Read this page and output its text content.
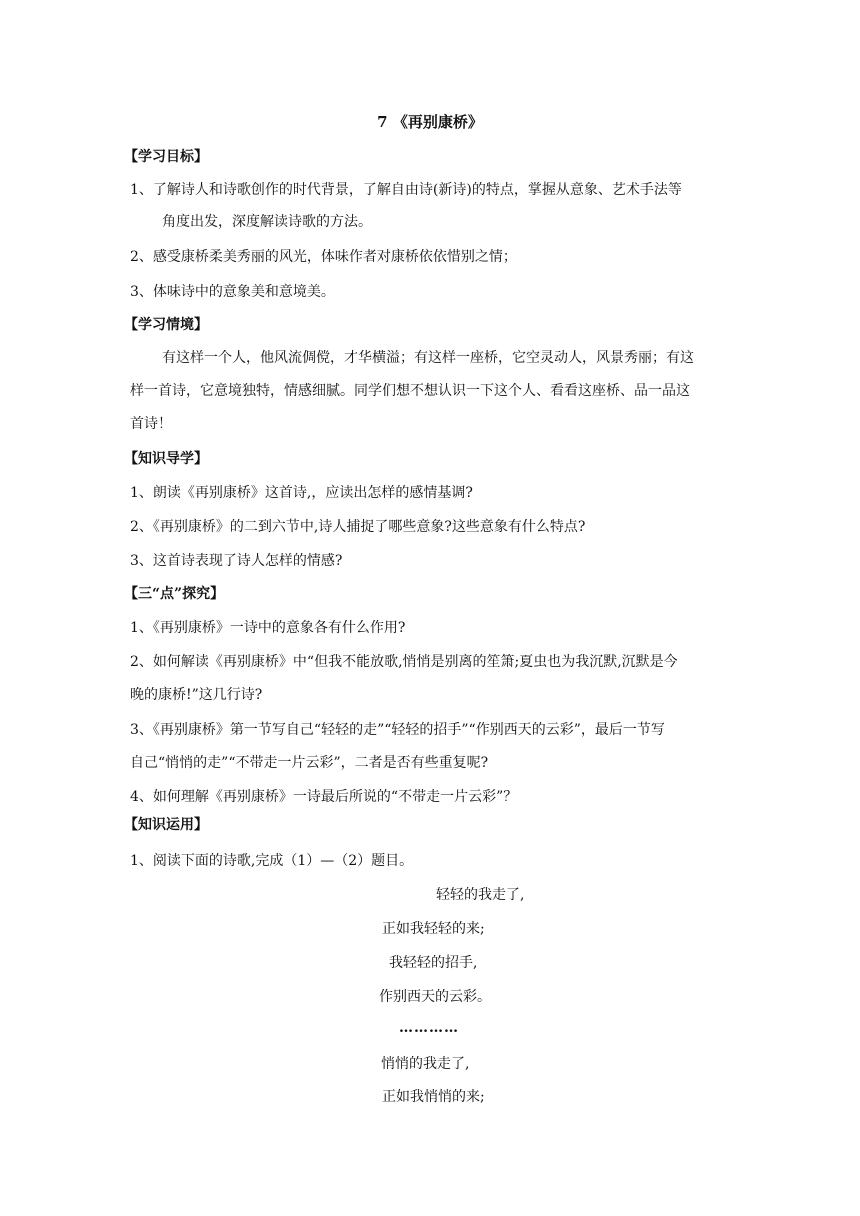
7 《再别康桥》
【学习目标】
1、了解诗人和诗歌创作的时代背景，了解自由诗(新诗)的特点，掌握从意象、艺术手法等
角度出发，深度解读诗歌的方法。
2、感受康桥柔美秀丽的风光，体味作者对康桥依依惜别之情；
3、体味诗中的意象美和意境美。
【学习情境】
有这样一个人，他风流倜傥，才华横溢；有这样一座桥，它空灵动人，风景秀丽；有这
样一首诗，它意境独特，情感细腻。同学们想不想认识一下这个人、看看这座桥、品一品这
首诗！
【知识导学】
1、朗读《再别康桥》这首诗,，应读出怎样的感情基调?
2、《再别康桥》的二到六节中,诗人捕捉了哪些意象?这些意象有什么特点?
3、这首诗表现了诗人怎样的情感?
【三“点”探究】
1、《再别康桥》一诗中的意象各有什么作用?
2、如何解读《再别康桥》中“但我不能放歌,悄悄是别离的笙箫;夏虫也为我沉默,沉默是今
晚的康桥!”这几行诗?
3、《再别康桥》第一节写自己“轻轻的走”“轻轻的招手”“作别西天的云彩”，最后一节写
自己“悄悄的走”“不带走一片云彩”，二者是否有些重复呢?
4、如何理解《再别康桥》一诗最后所说的“不带走一片云彩”？
【知识运用】
1、阅读下面的诗歌,完成（1）—（2）题目。
轻轻的我走了,
正如我轻轻的来;
我轻轻的招手,
作别西天的云彩。
…………
悄悄的我走了,
正如我悄悄的来;
